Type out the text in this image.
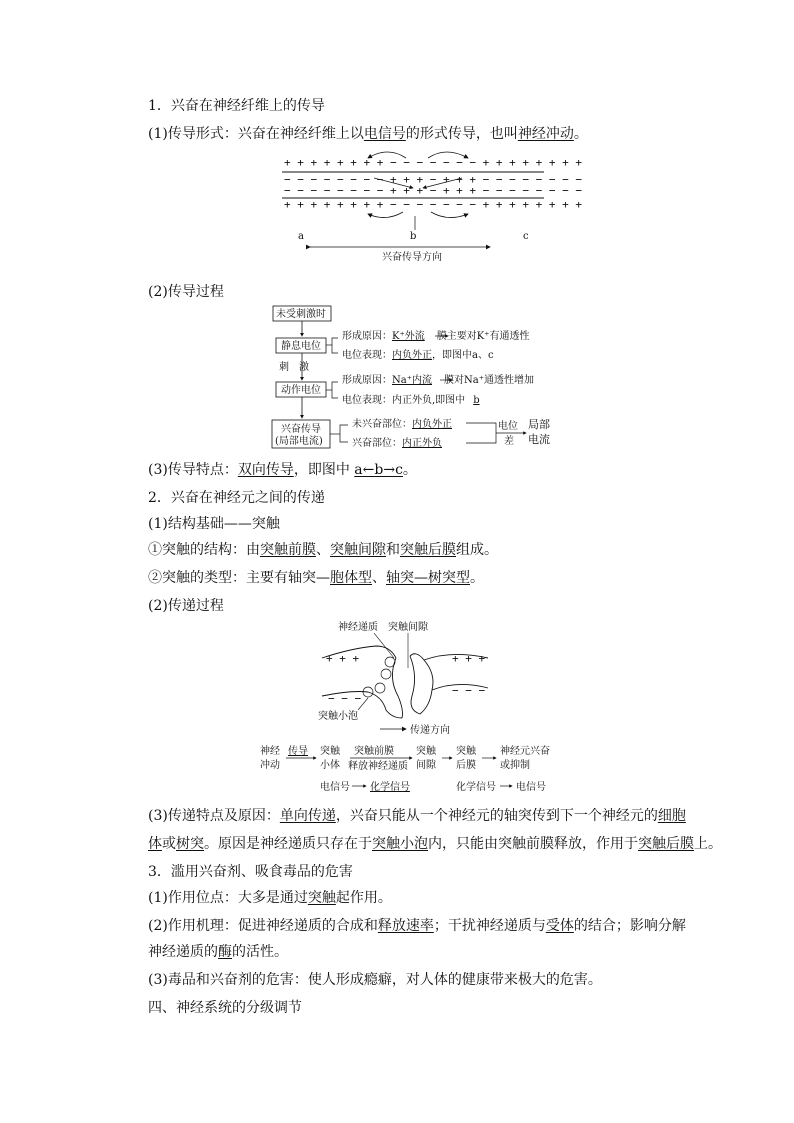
1．兴奋在神经纤维上的传导
(1)传导形式：兴奋在神经纤维上以电信号的形式传导，也叫神经冲动。
+ + + + + + + + − − − − − − − + + + + + + + +
− − − − − − − − + + + − + + + − − − − − − − −
− − − − − − − − + + + − + + + − − − − − − − −
+ + + + + + + + − − − − − − − + + + + + + + +
a	b	c
兴奋传导方向
(2)传导过程
未受刺激时
静息电位
刺　激
动作电位
兴奋传导
(局部电流)
形成原因：K⁺外流 膜主要对K⁺有通透性
电位表现：内负外正，即图中a、c
形成原因：Na⁺内流 膜对Na⁺通透性增加
电位表现：内正外负,即图中 b
未兴奋部位：内负外正
兴奋部位：内正外负
电位
差
局部
电流
(3)传导特点：双向传导，即图中 a←b→c。
2．兴奋在神经元之间的传递
(1)结构基础——突触
①突触的结构：由突触前膜、突触间隙和突触后膜组成。
②突触的类型：主要有轴突—胞体型、轴突—树突型。
(2)传递过程
神经递质 突触间隙
+ + +
− − −
+ + +
− − −
突触小泡
传递方向
神经
冲动
传导 突触
小体
突触前膜
释放神经递质
突触
间隙
突触
后膜
神经元兴奋
或抑制
电信号 化学信号	化学信号 电信号
(3)传递特点及原因：单向传递，兴奋只能从一个神经元的轴突传到下一个神经元的细胞
体或树突。原因是神经递质只存在于突触小泡内，只能由突触前膜释放，作用于突触后膜上。
3．滥用兴奋剂、吸食毒品的危害
(1)作用位点：大多是通过突触起作用。
(2)作用机理：促进神经递质的合成和释放速率；干扰神经递质与受体的结合；影响分解
神经递质的酶的活性。
(3)毒品和兴奋剂的危害：使人形成瘾癖，对人体的健康带来极大的危害。
四、神经系统的分级调节
